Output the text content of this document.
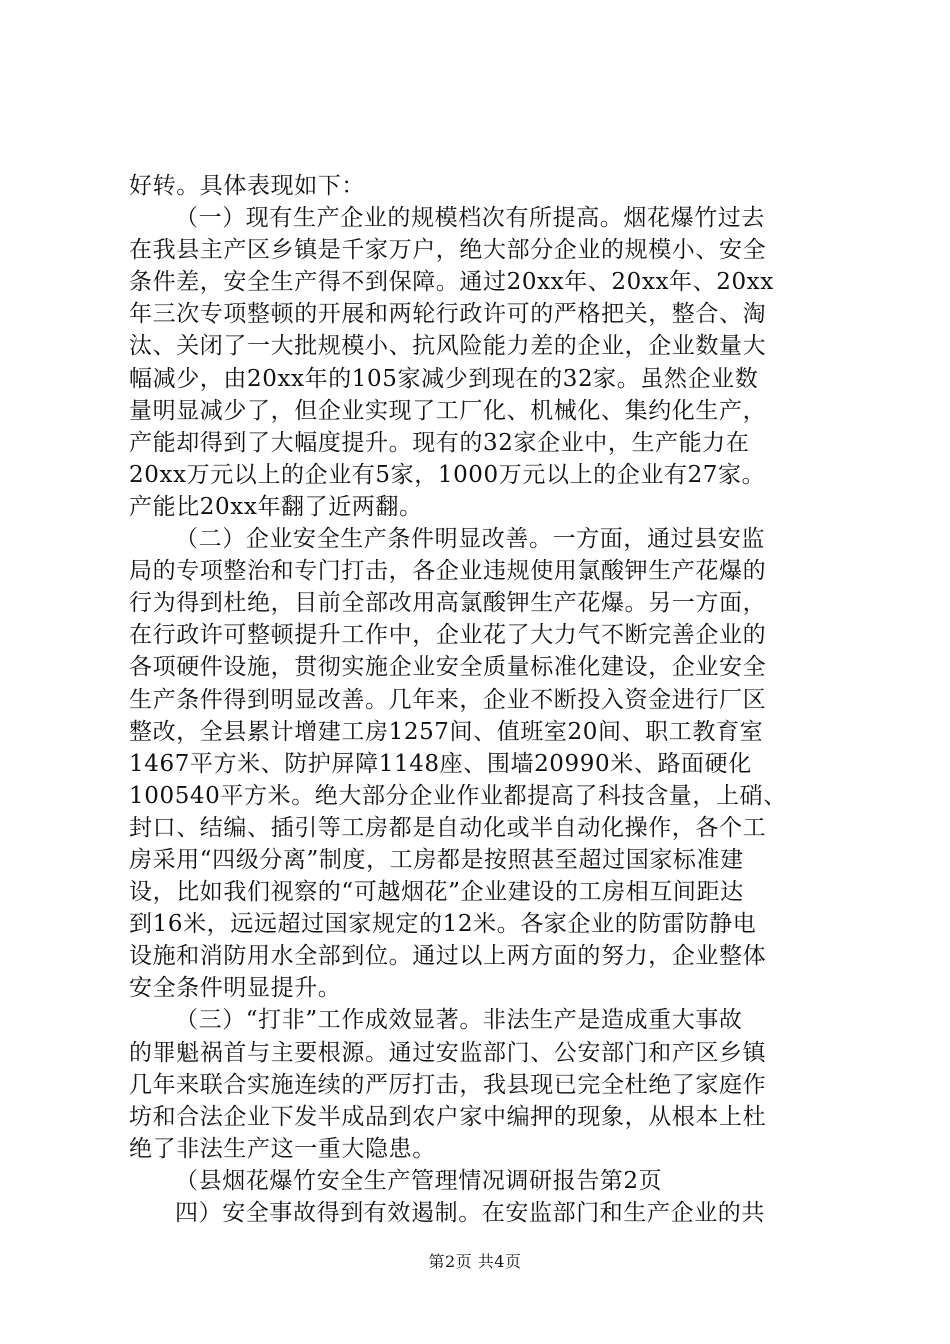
好转。具体表现如下：
（一）现有生产企业的规模档次有所提高。烟花爆竹过去
在我县主产区乡镇是千家万户，绝大部分企业的规模小、安全
条件差，安全生产得不到保障。通过20xx年、20xx年、20xx
年三次专项整顿的开展和两轮行政许可的严格把关，整合、淘
汰、关闭了一大批规模小、抗风险能力差的企业，企业数量大
幅减少，由20xx年的105家减少到现在的32家。虽然企业数
量明显减少了，但企业实现了工厂化、机械化、集约化生产，
产能却得到了大幅度提升。现有的32家企业中，生产能力在
20xx万元以上的企业有5家，1000万元以上的企业有27家。
产能比20xx年翻了近两翻。
（二）企业安全生产条件明显改善。一方面，通过县安监
局的专项整治和专门打击，各企业违规使用氯酸钾生产花爆的
行为得到杜绝，目前全部改用高氯酸钾生产花爆。另一方面，
在行政许可整顿提升工作中，企业花了大力气不断完善企业的
各项硬件设施，贯彻实施企业安全质量标准化建设，企业安全
生产条件得到明显改善。几年来，企业不断投入资金进行厂区
整改，全县累计增建工房1257间、值班室20间、职工教育室
1467平方米、防护屏障1148座、围墙20990米、路面硬化
100540平方米。绝大部分企业作业都提高了科技含量，上硝、
封口、结编、插引等工房都是自动化或半自动化操作，各个工
房采用“四级分离”制度，工房都是按照甚至超过国家标准建
设，比如我们视察的“可越烟花”企业建设的工房相互间距达
到16米，远远超过国家规定的12米。各家企业的防雷防静电
设施和消防用水全部到位。通过以上两方面的努力，企业整体
安全条件明显提升。
（三）“打非”工作成效显著。非法生产是造成重大事故
的罪魁祸首与主要根源。通过安监部门、公安部门和产区乡镇
几年来联合实施连续的严厉打击，我县现已完全杜绝了家庭作
坊和合法企业下发半成品到农户家中编押的现象，从根本上杜
绝了非法生产这一重大隐患。
（县烟花爆竹安全生产管理情况调研报告第2页
四）安全事故得到有效遏制。在安监部门和生产企业的共
第2页 共4页
